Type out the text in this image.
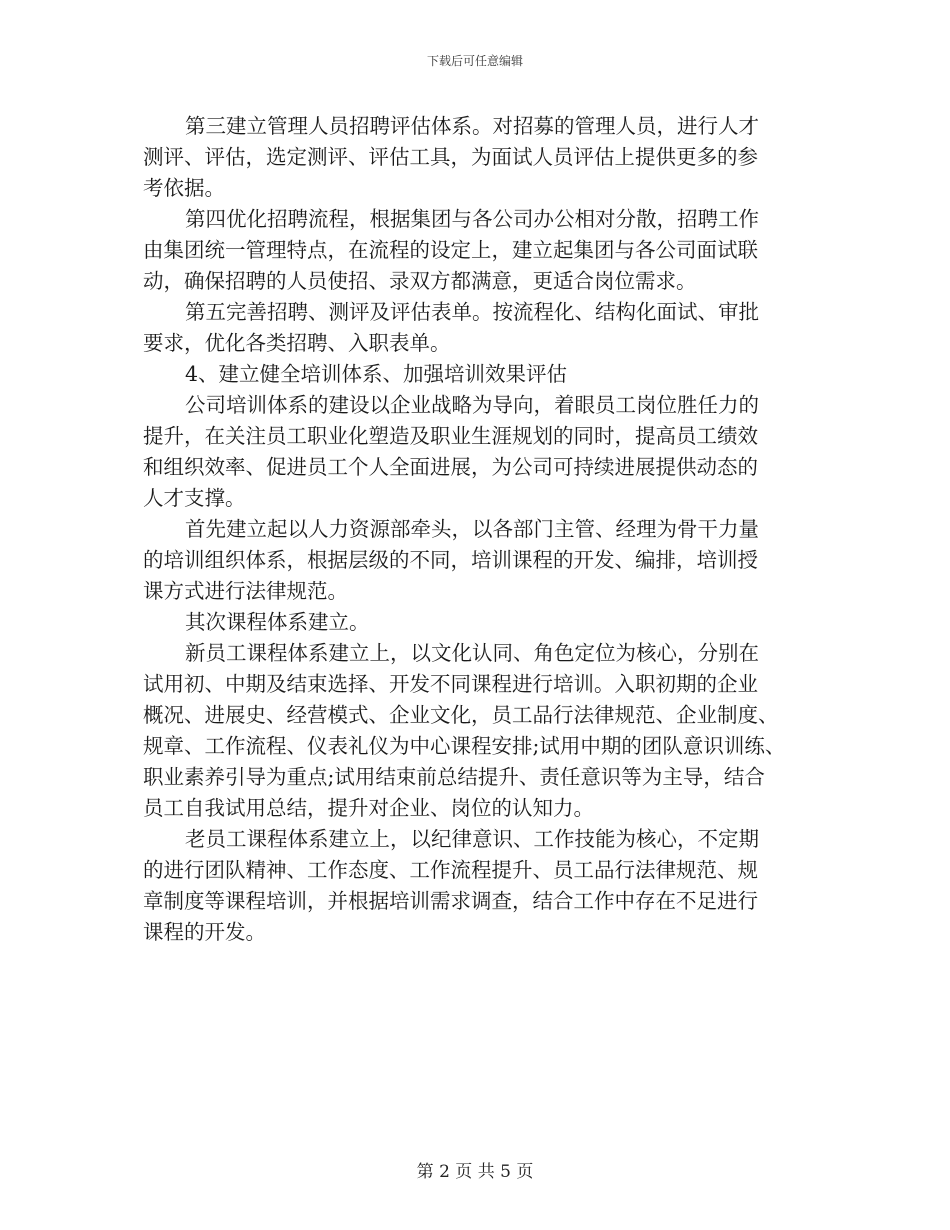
下载后可任意编辑

第三建立管理人员招聘评估体系。对招募的管理人员，进行人才
测评、评估，选定测评、评估工具，为面试人员评估上提供更多的参
考依据。

第四优化招聘流程，根据集团与各公司办公相对分散，招聘工作
由集团统一管理特点，在流程的设定上，建立起集团与各公司面试联
动，确保招聘的人员使招、录双方都满意，更适合岗位需求。

第五完善招聘、测评及评估表单。按流程化、结构化面试、审批
要求，优化各类招聘、入职表单。

4、建立健全培训体系、加强培训效果评估

公司培训体系的建设以企业战略为导向，着眼员工岗位胜任力的
提升，在关注员工职业化塑造及职业生涯规划的同时，提高员工绩效
和组织效率、促进员工个人全面进展，为公司可持续进展提供动态的
人才支撑。

首先建立起以人力资源部牵头，以各部门主管、经理为骨干力量
的培训组织体系，根据层级的不同，培训课程的开发、编排，培训授
课方式进行法律规范。

其次课程体系建立。

新员工课程体系建立上，以文化认同、角色定位为核心，分别在
试用初、中期及结束选择、开发不同课程进行培训。入职初期的企业
概况、进展史、经营模式、企业文化，员工品行法律规范、企业制度、
规章、工作流程、仪表礼仪为中心课程安排;试用中期的团队意识训练、
职业素养引导为重点;试用结束前总结提升、责任意识等为主导，结合
员工自我试用总结，提升对企业、岗位的认知力。

老员工课程体系建立上，以纪律意识、工作技能为核心，不定期
的进行团队精神、工作态度、工作流程提升、员工品行法律规范、规
章制度等课程培训，并根据培训需求调查，结合工作中存在不足进行
课程的开发。

第 2 页 共 5 页
